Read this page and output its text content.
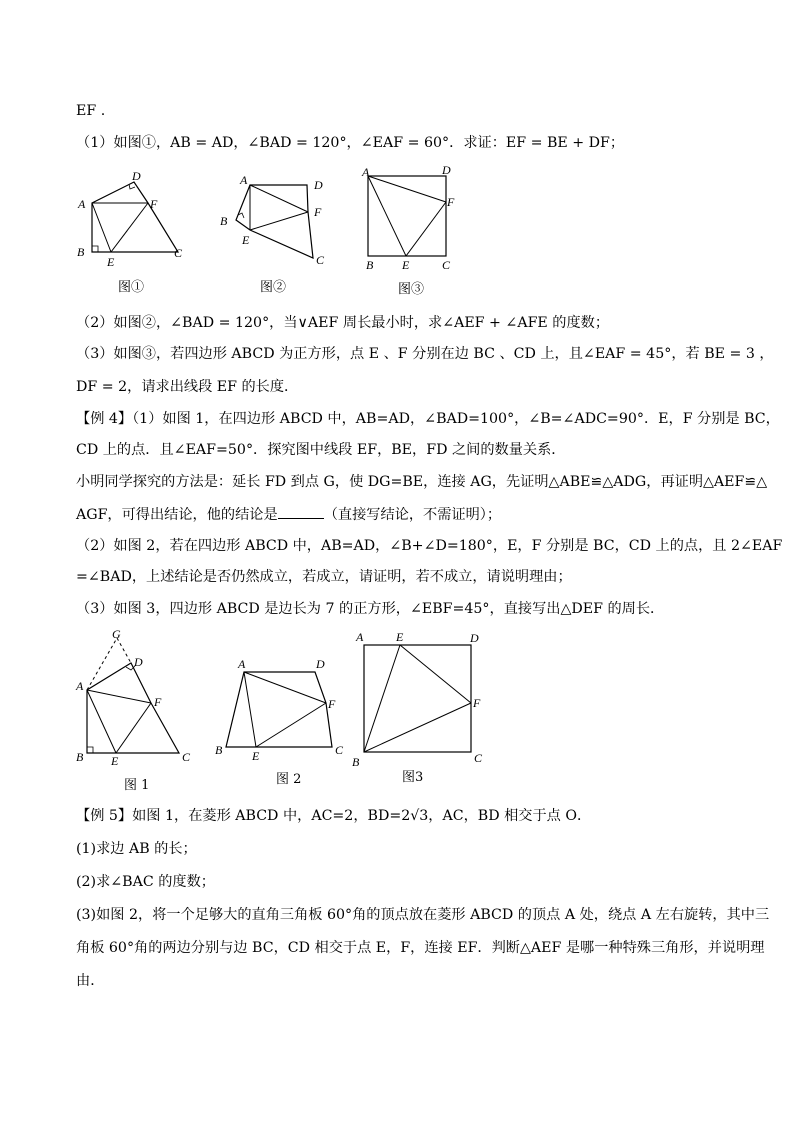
EF .
（1）如图①，AB = AD，∠BAD = 120°，∠EAF = 60°．求证：EF = BE + DF；
A
B	C
D
E
F
图①
A
B
C
D
E
F
图②
A
B	C
D
E
F
图③
（2）如图②，∠BAD = 120°，当∨AEF 周长最小时，求∠AEF + ∠AFE 的度数；
（3）如图③，若四边形 ABCD 为正方形，点 E 、F 分别在边 BC 、CD 上，且∠EAF = 45°，若 BE = 3 ，
DF = 2，请求出线段 EF 的长度．
【例 4】（1）如图 1，在四边形 ABCD 中，AB=AD，∠BAD=100°，∠B=∠ADC=90°．E，F 分别是 BC，
CD 上的点．且∠EAF=50°．探究图中线段 EF，BE，FD 之间的数量关系．
小明同学探究的方法是：延长 FD 到点 G，使 DG=BE，连接 AG，先证明△ABE≌△ADG，再证明△AEF≌△
AGF，可得出结论，他的结论是	（直接写结论，不需证明）；
（2）如图 2，若在四边形 ABCD 中，AB=AD，∠B+∠D=180°，E，F 分别是 BC，CD 上的点，且 2∠EAF
=∠BAD，上述结论是否仍然成立，若成立，请证明，若不成立，请说明理由；
（3）如图 3，四边形 ABCD 是边长为 7 的正方形，∠EBF=45°，直接写出△DEF 的周长．
G
D
A
F
B E	C
图 1
A	D
F
B E	C
图 2
A	E	D
F
B	C
图3
【例 5】如图 1，在菱形 ABCD 中，AC=2，BD=2√3，AC，BD 相交于点 O．
(1)求边 AB 的长；
(2)求∠BAC 的度数；
(3)如图 2，将一个足够大的直角三角板 60°角的顶点放在菱形 ABCD 的顶点 A 处，绕点 A 左右旋转，其中三
角板 60°角的两边分别与边 BC，CD 相交于点 E，F，连接 EF．判断△AEF 是哪一种特殊三角形，并说明理
由．
